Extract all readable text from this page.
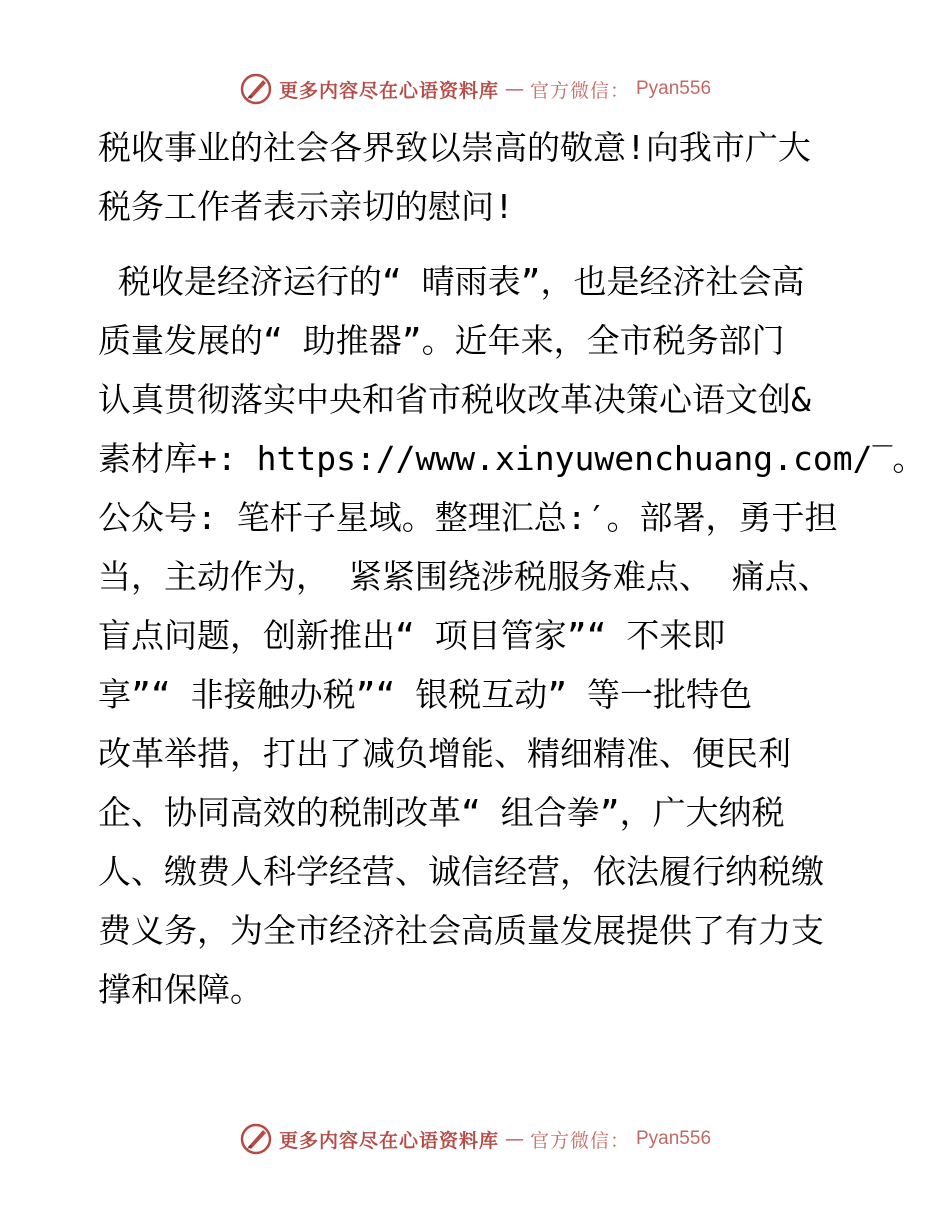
更多内容尽在心语资料库 — 官方微信： Pyan556
税收事业的社会各界致以崇高的敬意!向我市广大
税务工作者表示亲切的慰问!
税收是经济运行的“ 晴雨表”，也是经济社会高
质量发展的“ 助推器”。近年来，全市税务部门
认真贯彻落实中央和省市税收改革决策心语文创&
素材库+: https://www.xinyuwenchuang.com/‾。
公众号: 笔杆子星域。整理汇总:′。部署，勇于担
当，主动作为， 紧紧围绕涉税服务难点、 痛点、
盲点问题，创新推出“ 项目管家”“ 不来即
享”“ 非接触办税”“ 银税互动” 等一批特色
改革举措，打出了减负增能、精细精准、便民利
企、协同高效的税制改革“ 组合拳”，广大纳税
人、缴费人科学经营、诚信经营，依法履行纳税缴
费义务，为全市经济社会高质量发展提供了有力支
撑和保障。
更多内容尽在心语资料库 — 官方微信： Pyan556
